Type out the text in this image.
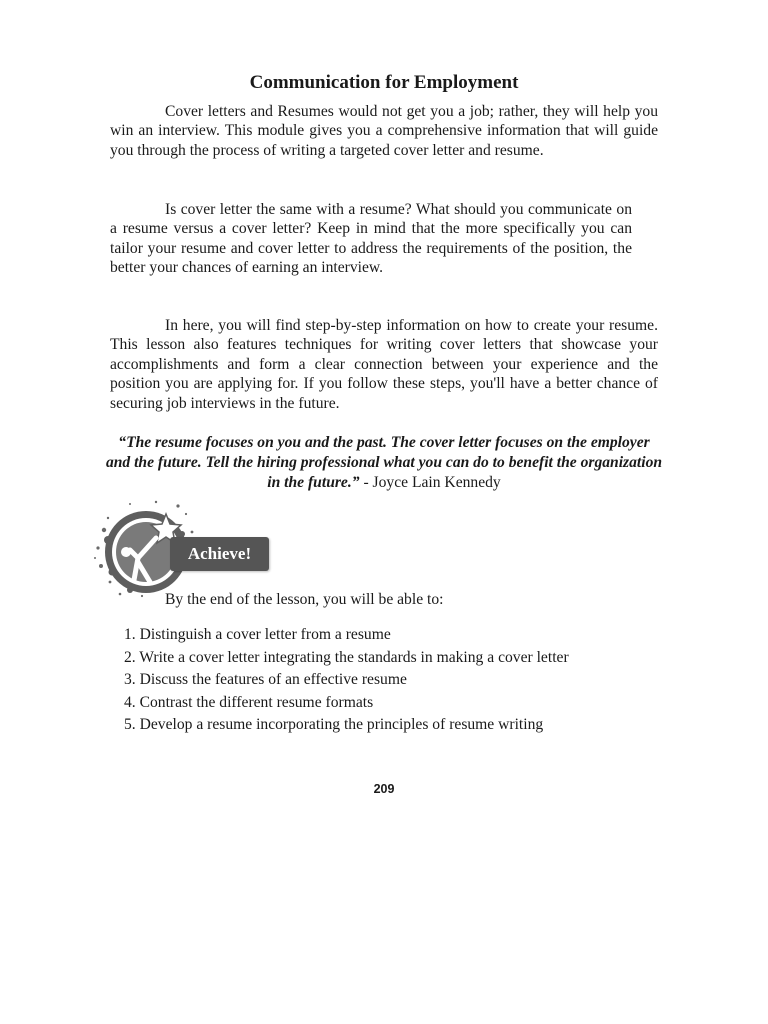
Communication for Employment

Cover letters and Resumes would not get you a job; rather, they will help you win an interview. This module gives you a comprehensive information that will guide you through the process of writing a targeted cover letter and resume.

Is cover letter the same with a resume? What should you communicate on a resume versus a cover letter? Keep in mind that the more specifically you can tailor your resume and cover letter to address the requirements of the position, the better your chances of earning an interview.

In here, you will find step-by-step information on how to create your resume. This lesson also features techniques for writing cover letters that showcase your accomplishments and form a clear connection between your experience and the position you are applying for. If you follow these steps, you'll have a better chance of securing job interviews in the future.

“The resume focuses on you and the past. The cover letter focuses on the employer and the future. Tell the hiring professional what you can do to benefit the organization in the future.” - Joyce Lain Kennedy

Achieve!

By the end of the lesson, you will be able to:

1. Distinguish a cover letter from a resume
2. Write a cover letter integrating the standards in making a cover letter
3. Discuss the features of an effective resume
4. Contrast the different resume formats
5. Develop a resume incorporating the principles of resume writing

209
